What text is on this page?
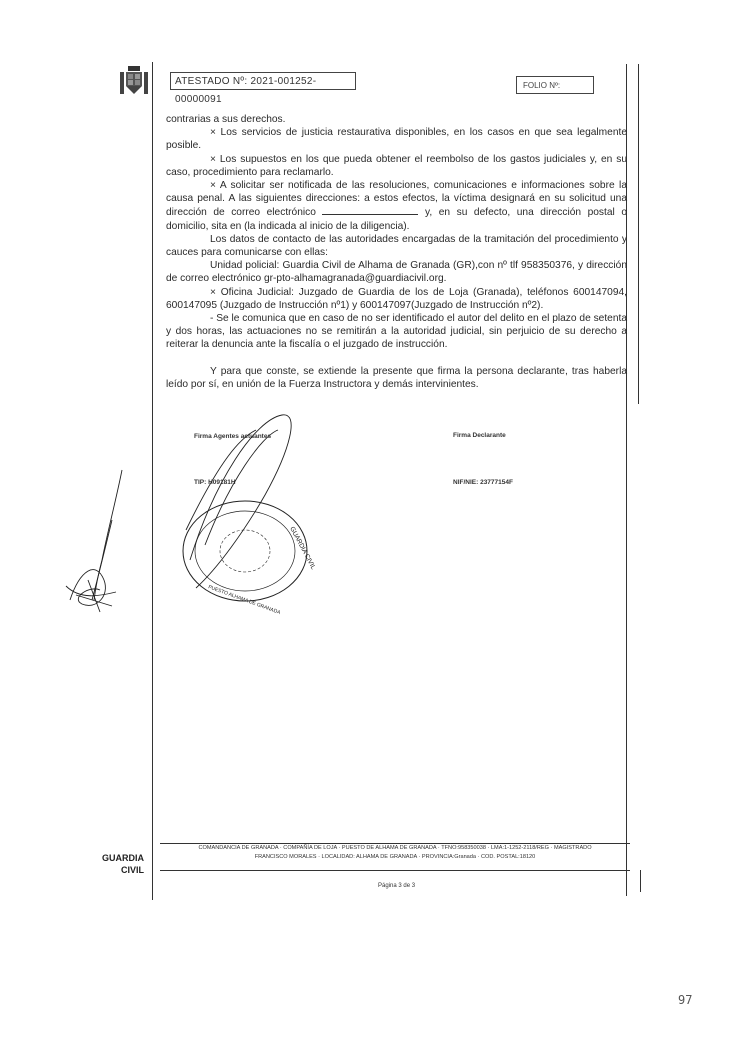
ATESTADO Nº: 2021-001252-00000091
FOLIO Nº:

contrarias a sus derechos.

× Los servicios de justicia restaurativa disponibles, en los casos en que sea legalmente posible.

× Los supuestos en los que pueda obtener el reembolso de los gastos judiciales y, en su caso, procedimiento para reclamarlo.

× A solicitar ser notificada de las resoluciones, comunicaciones e informaciones sobre la causa penal. A las siguientes direcciones: a estos efectos, la víctima designará en su solicitud una dirección de correo electrónico	y, en su defecto, una dirección postal o domicilio, sita en (la indicada al inicio de la diligencia).

Los datos de contacto de las autoridades encargadas de la tramitación del procedimiento y cauces para comunicarse con ellas:

Unidad policial: Guardia Civil de Alhama de Granada (GR),con nº tlf 958350376, y dirección de correo electrónico gr-pto-alhamagranada@guardiacivil.org.

× Oficina Judicial: Juzgado de Guardia de los de Loja (Granada), teléfonos 600147094, 600147095 (Juzgado de Instrucción nº1) y 600147097(Juzgado de Instrucción nº2).

- Se le comunica que en caso de no ser identificado el autor del delito en el plazo de setenta y dos horas, las actuaciones no se remitirán a la autoridad judicial, sin perjuicio de su derecho a reiterar la denuncia ante la fiscalía o el juzgado de instrucción.

Y para que conste, se extiende la presente que firma la persona declarante, tras haberla leído por sí, en unión de la Fuerza Instructora y demás intervinientes.

Firma Agentes actuantes	Firma Declarante
TIP: H09181H	NIF/NIE: 23777154F
GUARDIA CIVIL
PUESTO ALHAMA DE GRANADA
GUARDIA
CIVIL
COMANDANCIA DE GRANADA · COMPAÑÍA DE LOJA · PUESTO DE ALHAMA DE GRANADA · TFNO:958350038 · LMA:1-1252-2118/REG · MAGISTRADO
FRANCISCO MORALES · LOCALIDAD: ALHAMA DE GRANADA · PROVINCIA:Granada · COD. POSTAL:18120
Página 3 de 3
97
